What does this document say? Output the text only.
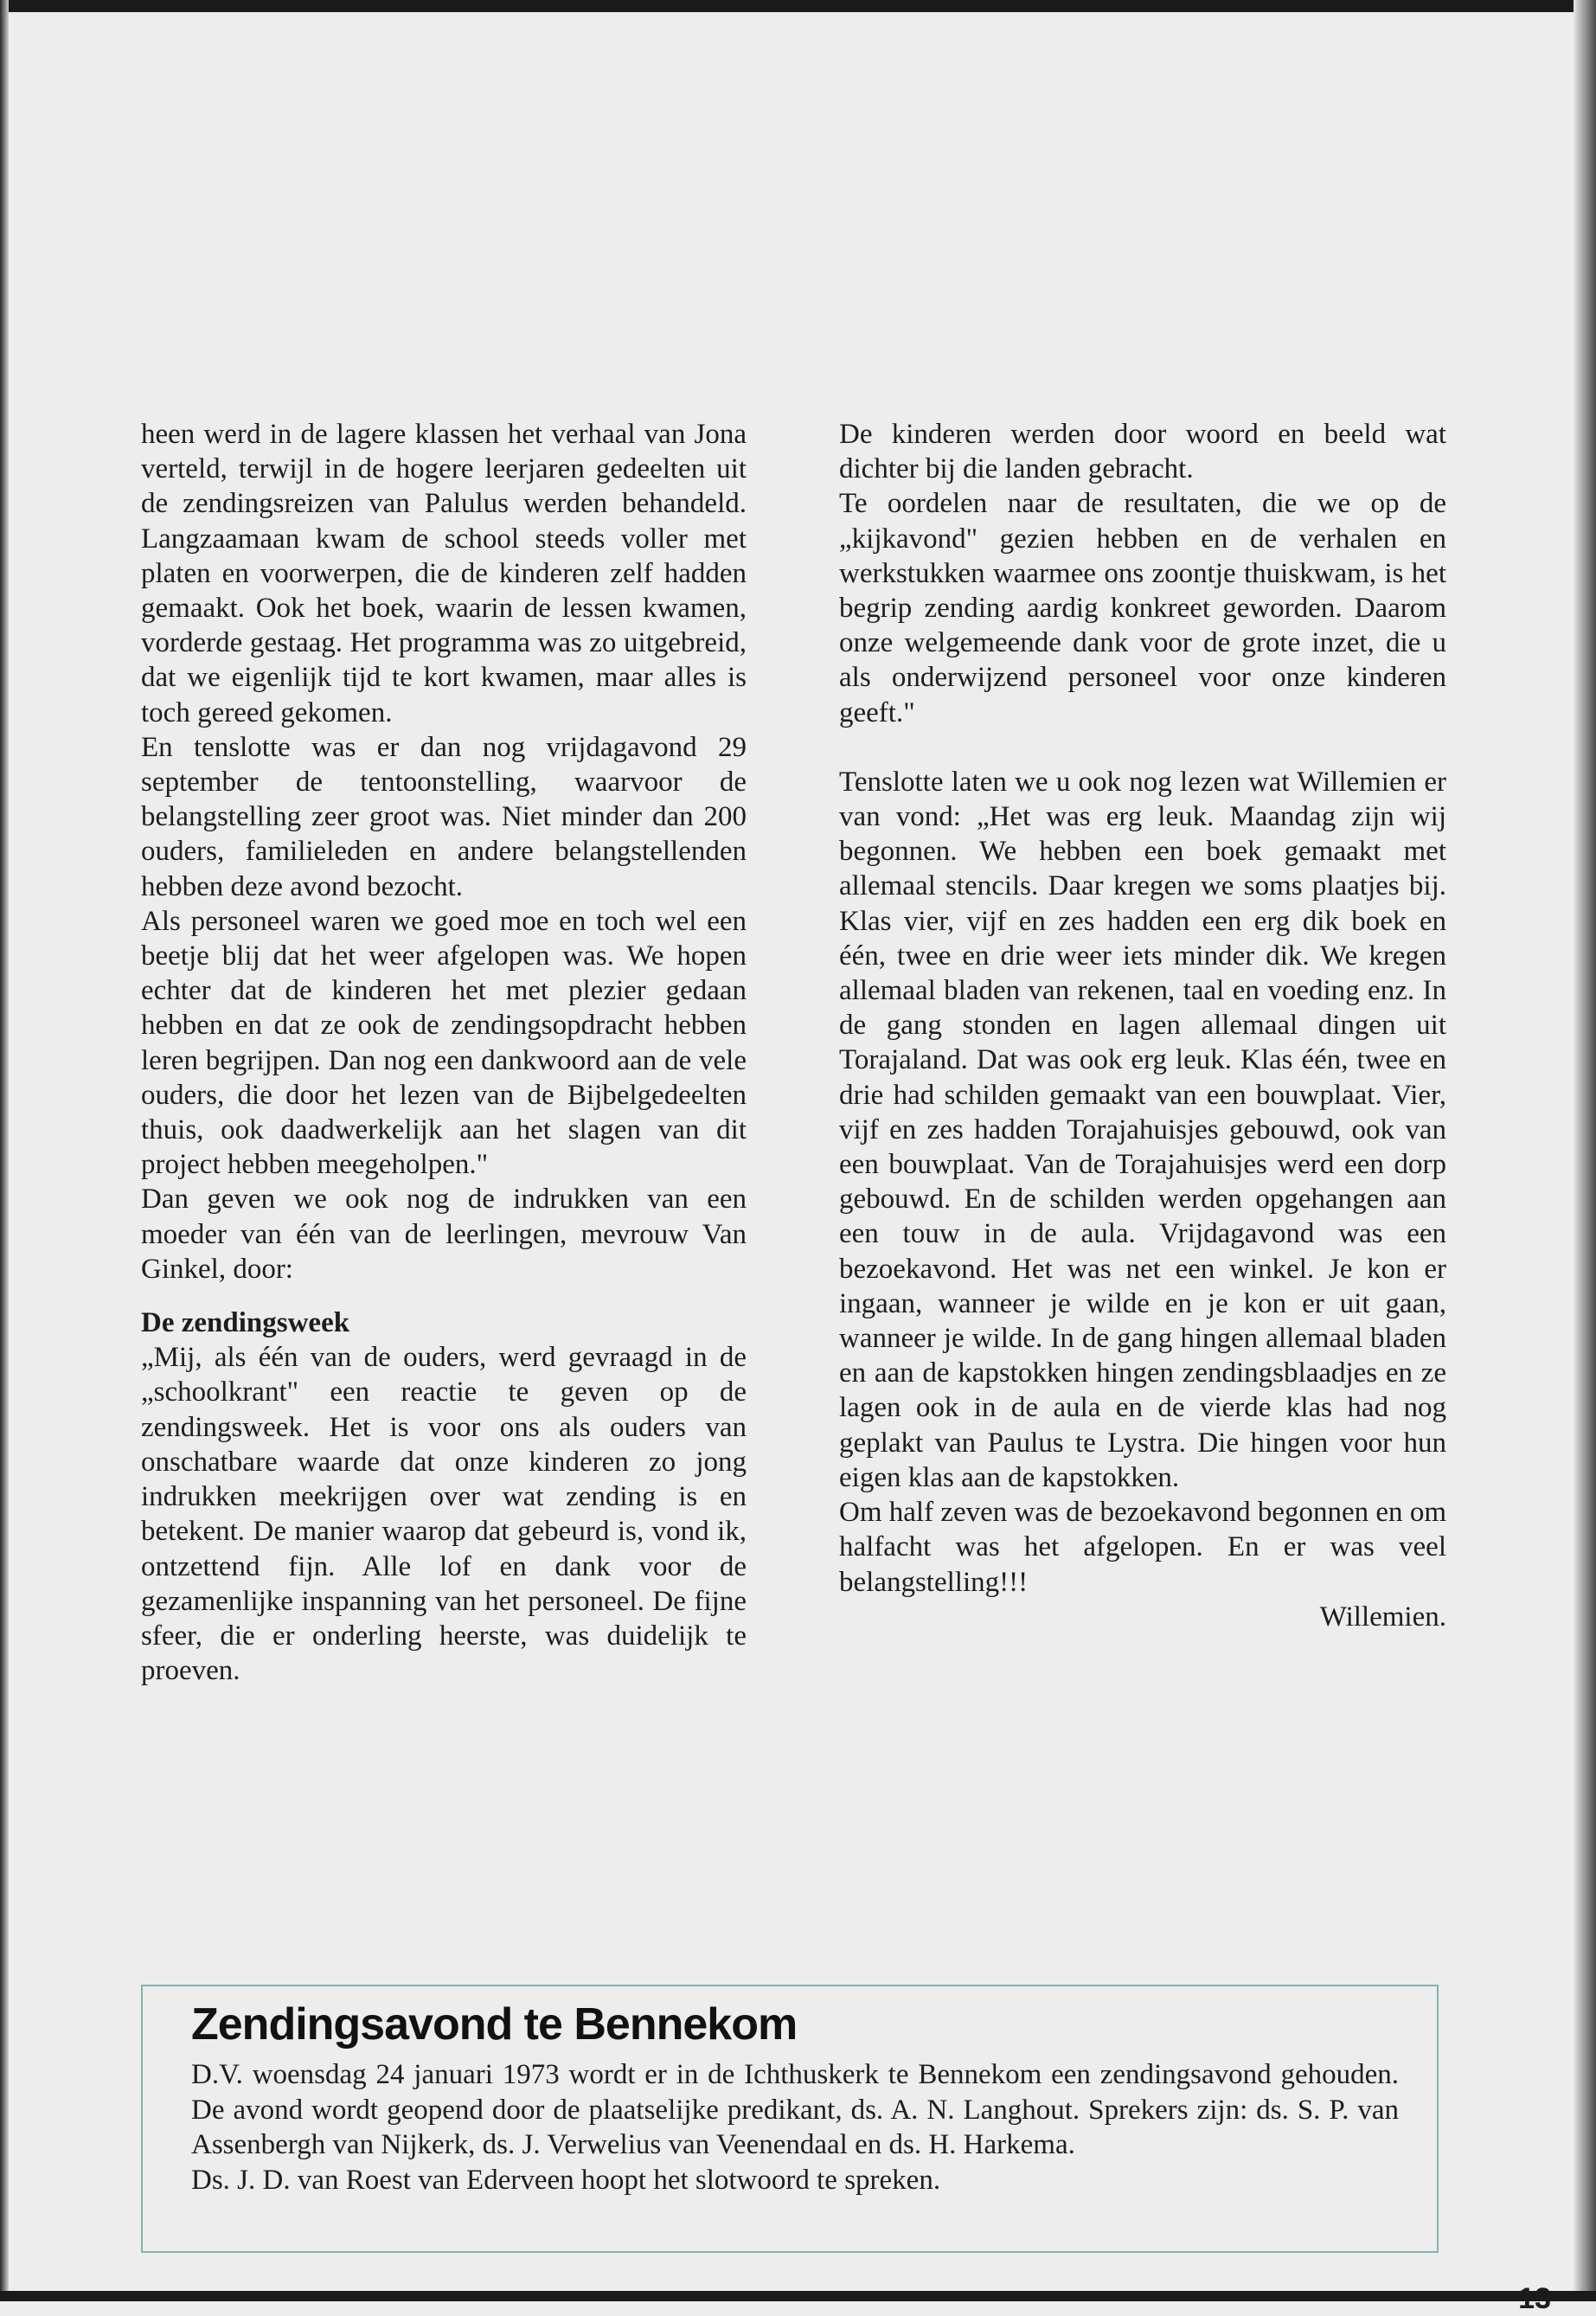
heen werd in de lagere klassen het verhaal van Jona verteld, terwijl in de hogere leerjaren gedeelten uit de zendingsreizen van Palulus werden behandeld. Langzaamaan kwam de school steeds voller met platen en voorwerpen, die de kinderen zelf hadden gemaakt. Ook het boek, waarin de lessen kwamen, vorderde gestaag. Het programma was zo uitgebreid, dat we eigenlijk tijd te kort kwamen, maar alles is toch gereed gekomen.

En tenslotte was er dan nog vrijdagavond 29 september de tentoonstelling, waarvoor de belangstelling zeer groot was. Niet minder dan 200 ouders, familieleden en andere belangstellenden hebben deze avond bezocht.

Als personeel waren we goed moe en toch wel een beetje blij dat het weer afgelopen was. We hopen echter dat de kinderen het met plezier gedaan hebben en dat ze ook de zendingsopdracht hebben leren begrijpen. Dan nog een dankwoord aan de vele ouders, die door het lezen van de Bijbelgedeelten thuis, ook daadwerkelijk aan het slagen van dit project hebben meegeholpen."

Dan geven we ook nog de indrukken van een moeder van één van de leerlingen, mevrouw Van Ginkel, door:

De zendingsweek

„Mij, als één van de ouders, werd gevraagd in de „schoolkrant" een reactie te geven op de zendingsweek. Het is voor ons als ouders van onschatbare waarde dat onze kinderen zo jong indrukken meekrijgen over wat zending is en betekent. De manier waarop dat gebeurd is, vond ik, ontzettend fijn. Alle lof en dank voor de gezamenlijke inspanning van het personeel. De fijne sfeer, die er onderling heerste, was duidelijk te proeven.

De kinderen werden door woord en beeld wat dichter bij die landen gebracht.

Te oordelen naar de resultaten, die we op de „kijkavond" gezien hebben en de verhalen en werkstukken waarmee ons zoontje thuiskwam, is het begrip zending aardig konkreet geworden. Daarom onze welgemeende dank voor de grote inzet, die u als onderwijzend personeel voor onze kinderen geeft."

Tenslotte laten we u ook nog lezen wat Willemien er van vond: „Het was erg leuk. Maandag zijn wij begonnen. We hebben een boek gemaakt met allemaal stencils. Daar kregen we soms plaatjes bij. Klas vier, vijf en zes hadden een erg dik boek en één, twee en drie weer iets minder dik. We kregen allemaal bladen van rekenen, taal en voeding enz. In de gang stonden en lagen allemaal dingen uit Torajaland. Dat was ook erg leuk. Klas één, twee en drie had schilden gemaakt van een bouwplaat. Vier, vijf en zes hadden Torajahuisjes gebouwd, ook van een bouwplaat. Van de Torajahuisjes werd een dorp gebouwd. En de schilden werden opgehangen aan een touw in de aula. Vrijdagavond was een bezoekavond. Het was net een winkel. Je kon er ingaan, wanneer je wilde en je kon er uit gaan, wanneer je wilde. In de gang hingen allemaal bladen en aan de kapstokken hingen zendingsblaadjes en ze lagen ook in de aula en de vierde klas had nog geplakt van Paulus te Lystra. Die hingen voor hun eigen klas aan de kapstokken.

Om half zeven was de bezoekavond begonnen en om halfacht was het afgelopen. En er was veel belangstelling!!!

Willemien.

Zendingsavond te Bennekom

D.V. woensdag 24 januari 1973 wordt er in de Ichthuskerk te Bennekom een zendingsavond gehouden. De avond wordt geopend door de plaatselijke predikant, ds. A. N. Langhout. Sprekers zijn: ds. S. P. van Assenbergh van Nijkerk, ds. J. Verwelius van Veenendaal en ds. H. Harkema.

Ds. J. D. van Roest van Ederveen hoopt het slotwoord te spreken.
